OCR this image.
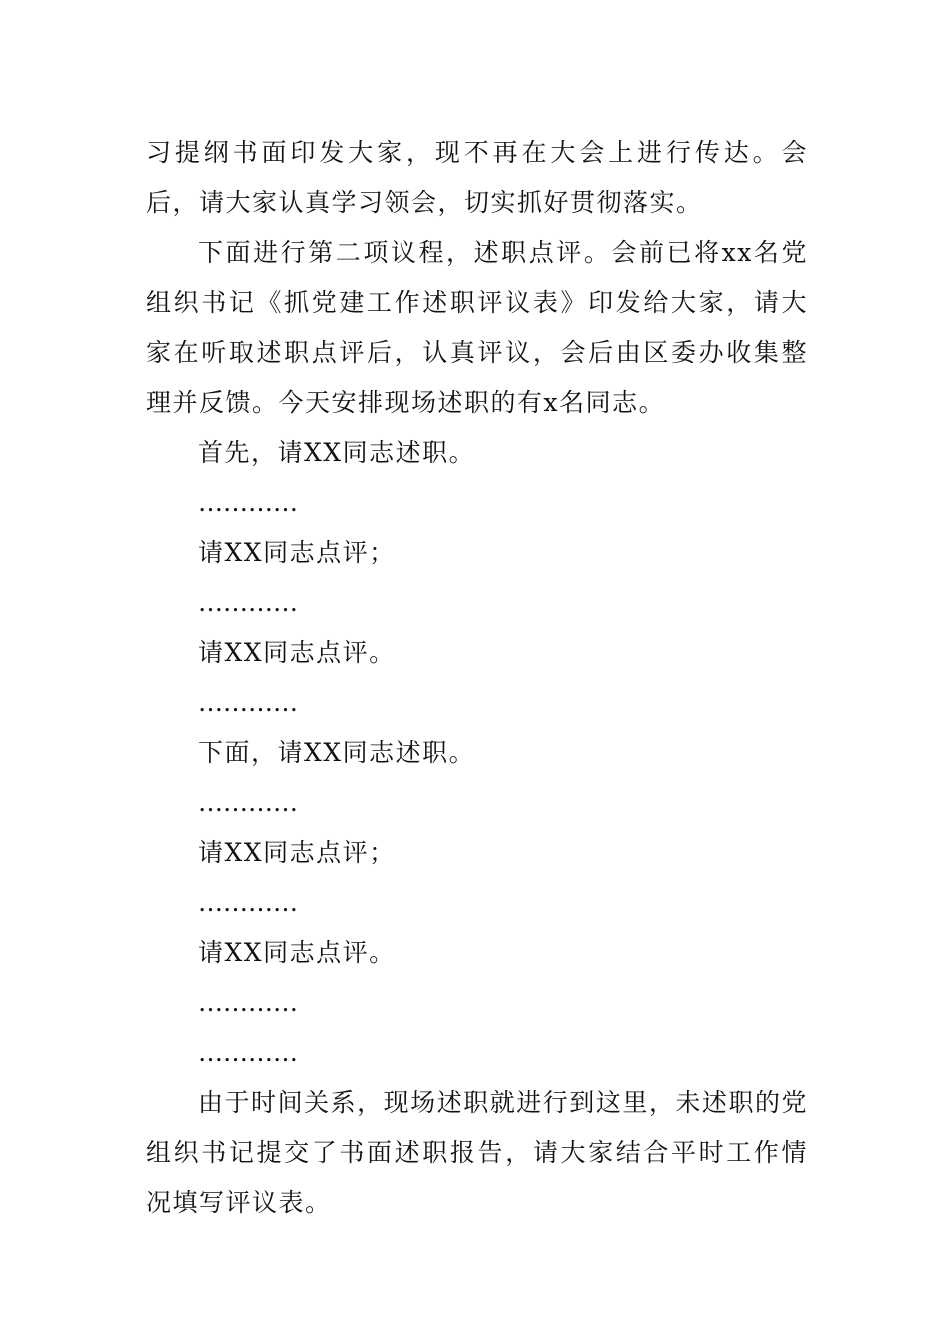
习提纲书面印发大家，现不再在大会上进行传达。会后，请大家认真学习领会，切实抓好贯彻落实。

下面进行第二项议程，述职点评。会前已将xx名党组织书记《抓党建工作述职评议表》印发给大家，请大家在听取述职点评后，认真评议，会后由区委办收集整理并反馈。今天安排现场述职的有x名同志。

首先，请XX同志述职。

…………

请XX同志点评；

…………

请XX同志点评。

…………

下面，请XX同志述职。

…………

请XX同志点评；

…………

请XX同志点评。

…………

…………

由于时间关系，现场述职就进行到这里，未述职的党组织书记提交了书面述职报告，请大家结合平时工作情况填写评议表。
